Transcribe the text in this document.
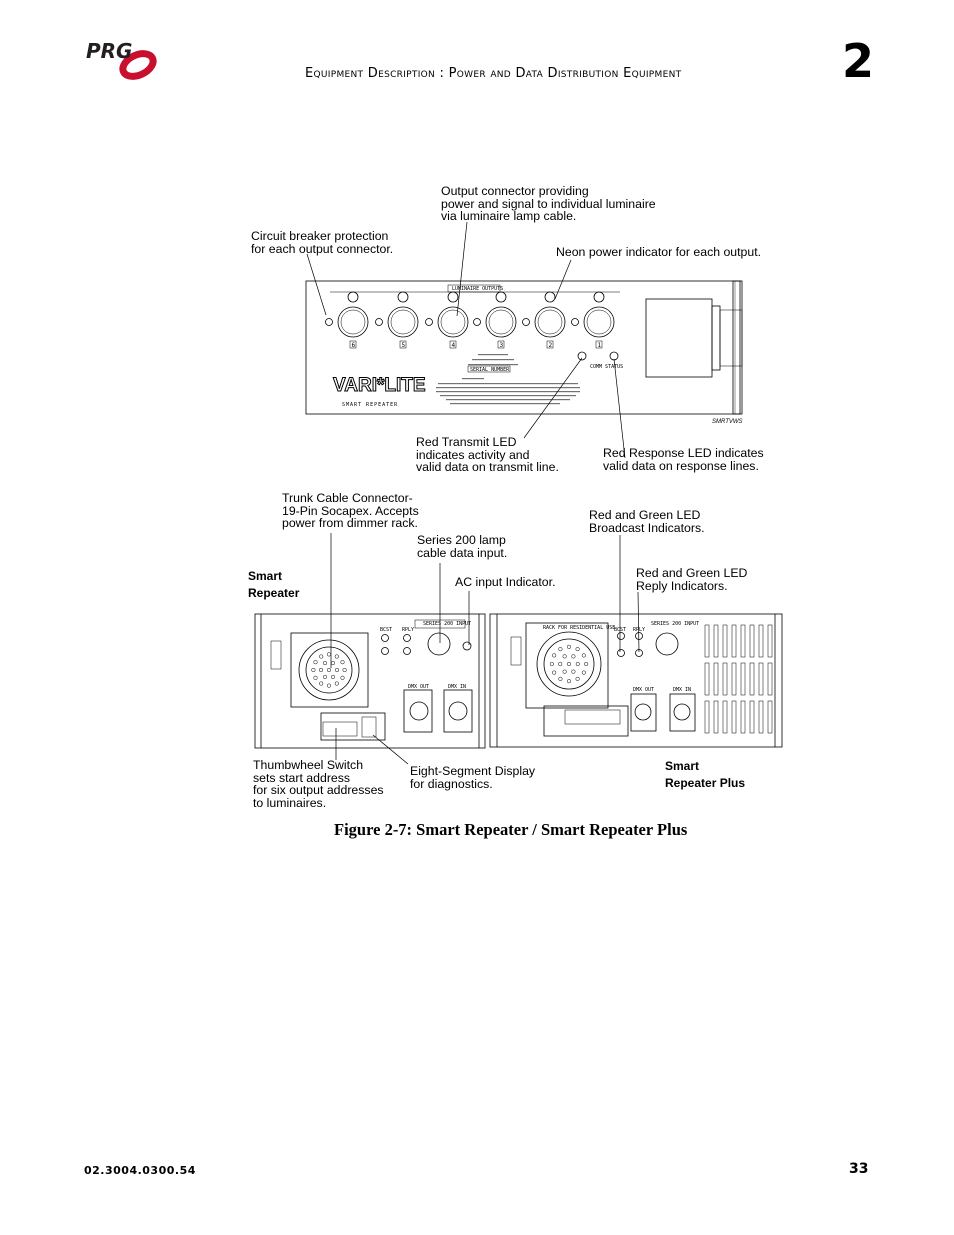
PRG
Equipment Description : Power and Data Distribution Equipment	2
Output connector providing
power and signal to individual luminaire
via luminaire lamp cable.
Circuit breaker protection
for each output connector.	Neon power indicator for each output.
Red Transmit LED
indicates activity and
valid data on transmit line.
Red Response LED indicates
valid data on response lines.
Trunk Cable Connector-
19-Pin Socapex. Accepts
power from dimmer rack.
Red and Green LED
Broadcast Indicators.
Series 200 lamp
cable data input.
Red and Green LED
Reply Indicators.
AC input Indicator.
Smart
Repeater
Thumbwheel Switch
sets start address
for six output addresses
to luminaires.
Eight-Segment Display
for diagnostics.
Smart
Repeater Plus
VARI*LITE
SMART REPEATER
LUMINAIRE OUTPUTS
SERIAL NUMBER	COMM STATUS
SMRTVWS
6	5	4	3	2	1
SERIES 200 INPUT
BCST RPLY
DMX OUT	DMX IN
SERIES 200 INPUT
RACK FOR RESIDENTIAL USE
BCST RPLY
DMX OUT	DMX IN
Figure 2-7: Smart Repeater / Smart Repeater Plus
02.3004.0300.54	33
